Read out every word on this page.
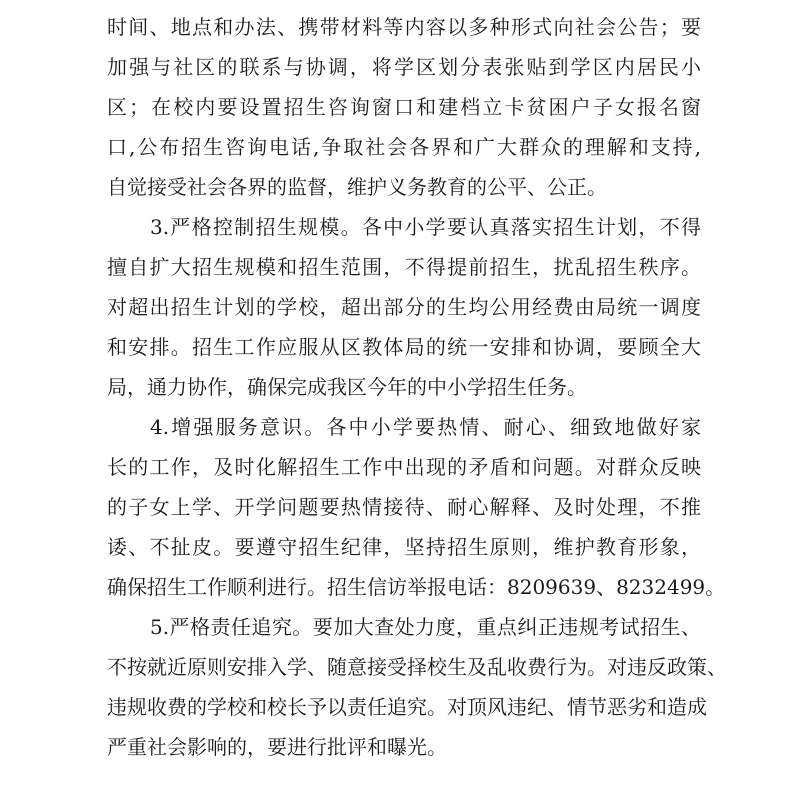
时间、地点和办法、携带材料等内容以多种形式向社会公告；要
加强与社区的联系与协调，将学区划分表张贴到学区内居民小
区；在校内要设置招生咨询窗口和建档立卡贫困户子女报名窗
口,公布招生咨询电话,争取社会各界和广大群众的理解和支持,
自觉接受社会各界的监督，维护义务教育的公平、公正。
3.严格控制招生规模。各中小学要认真落实招生计划，不得
擅自扩大招生规模和招生范围，不得提前招生，扰乱招生秩序。
对超出招生计划的学校，超出部分的生均公用经费由局统一调度
和安排。招生工作应服从区教体局的统一安排和协调，要顾全大
局，通力协作，确保完成我区今年的中小学招生任务。
4.增强服务意识。各中小学要热情、耐心、细致地做好家
长的工作，及时化解招生工作中出现的矛盾和问题。对群众反映
的子女上学、开学问题要热情接待、耐心解释、及时处理，不推
诿、不扯皮。要遵守招生纪律，坚持招生原则，维护教育形象，
确保招生工作顺利进行。招生信访举报电话：8209639、8232499。
5.严格责任追究。要加大查处力度，重点纠正违规考试招生、
不按就近原则安排入学、随意接受择校生及乱收费行为。对违反政策、
违规收费的学校和校长予以责任追究。对顶风违纪、情节恶劣和造成
严重社会影响的，要进行批评和曝光。
